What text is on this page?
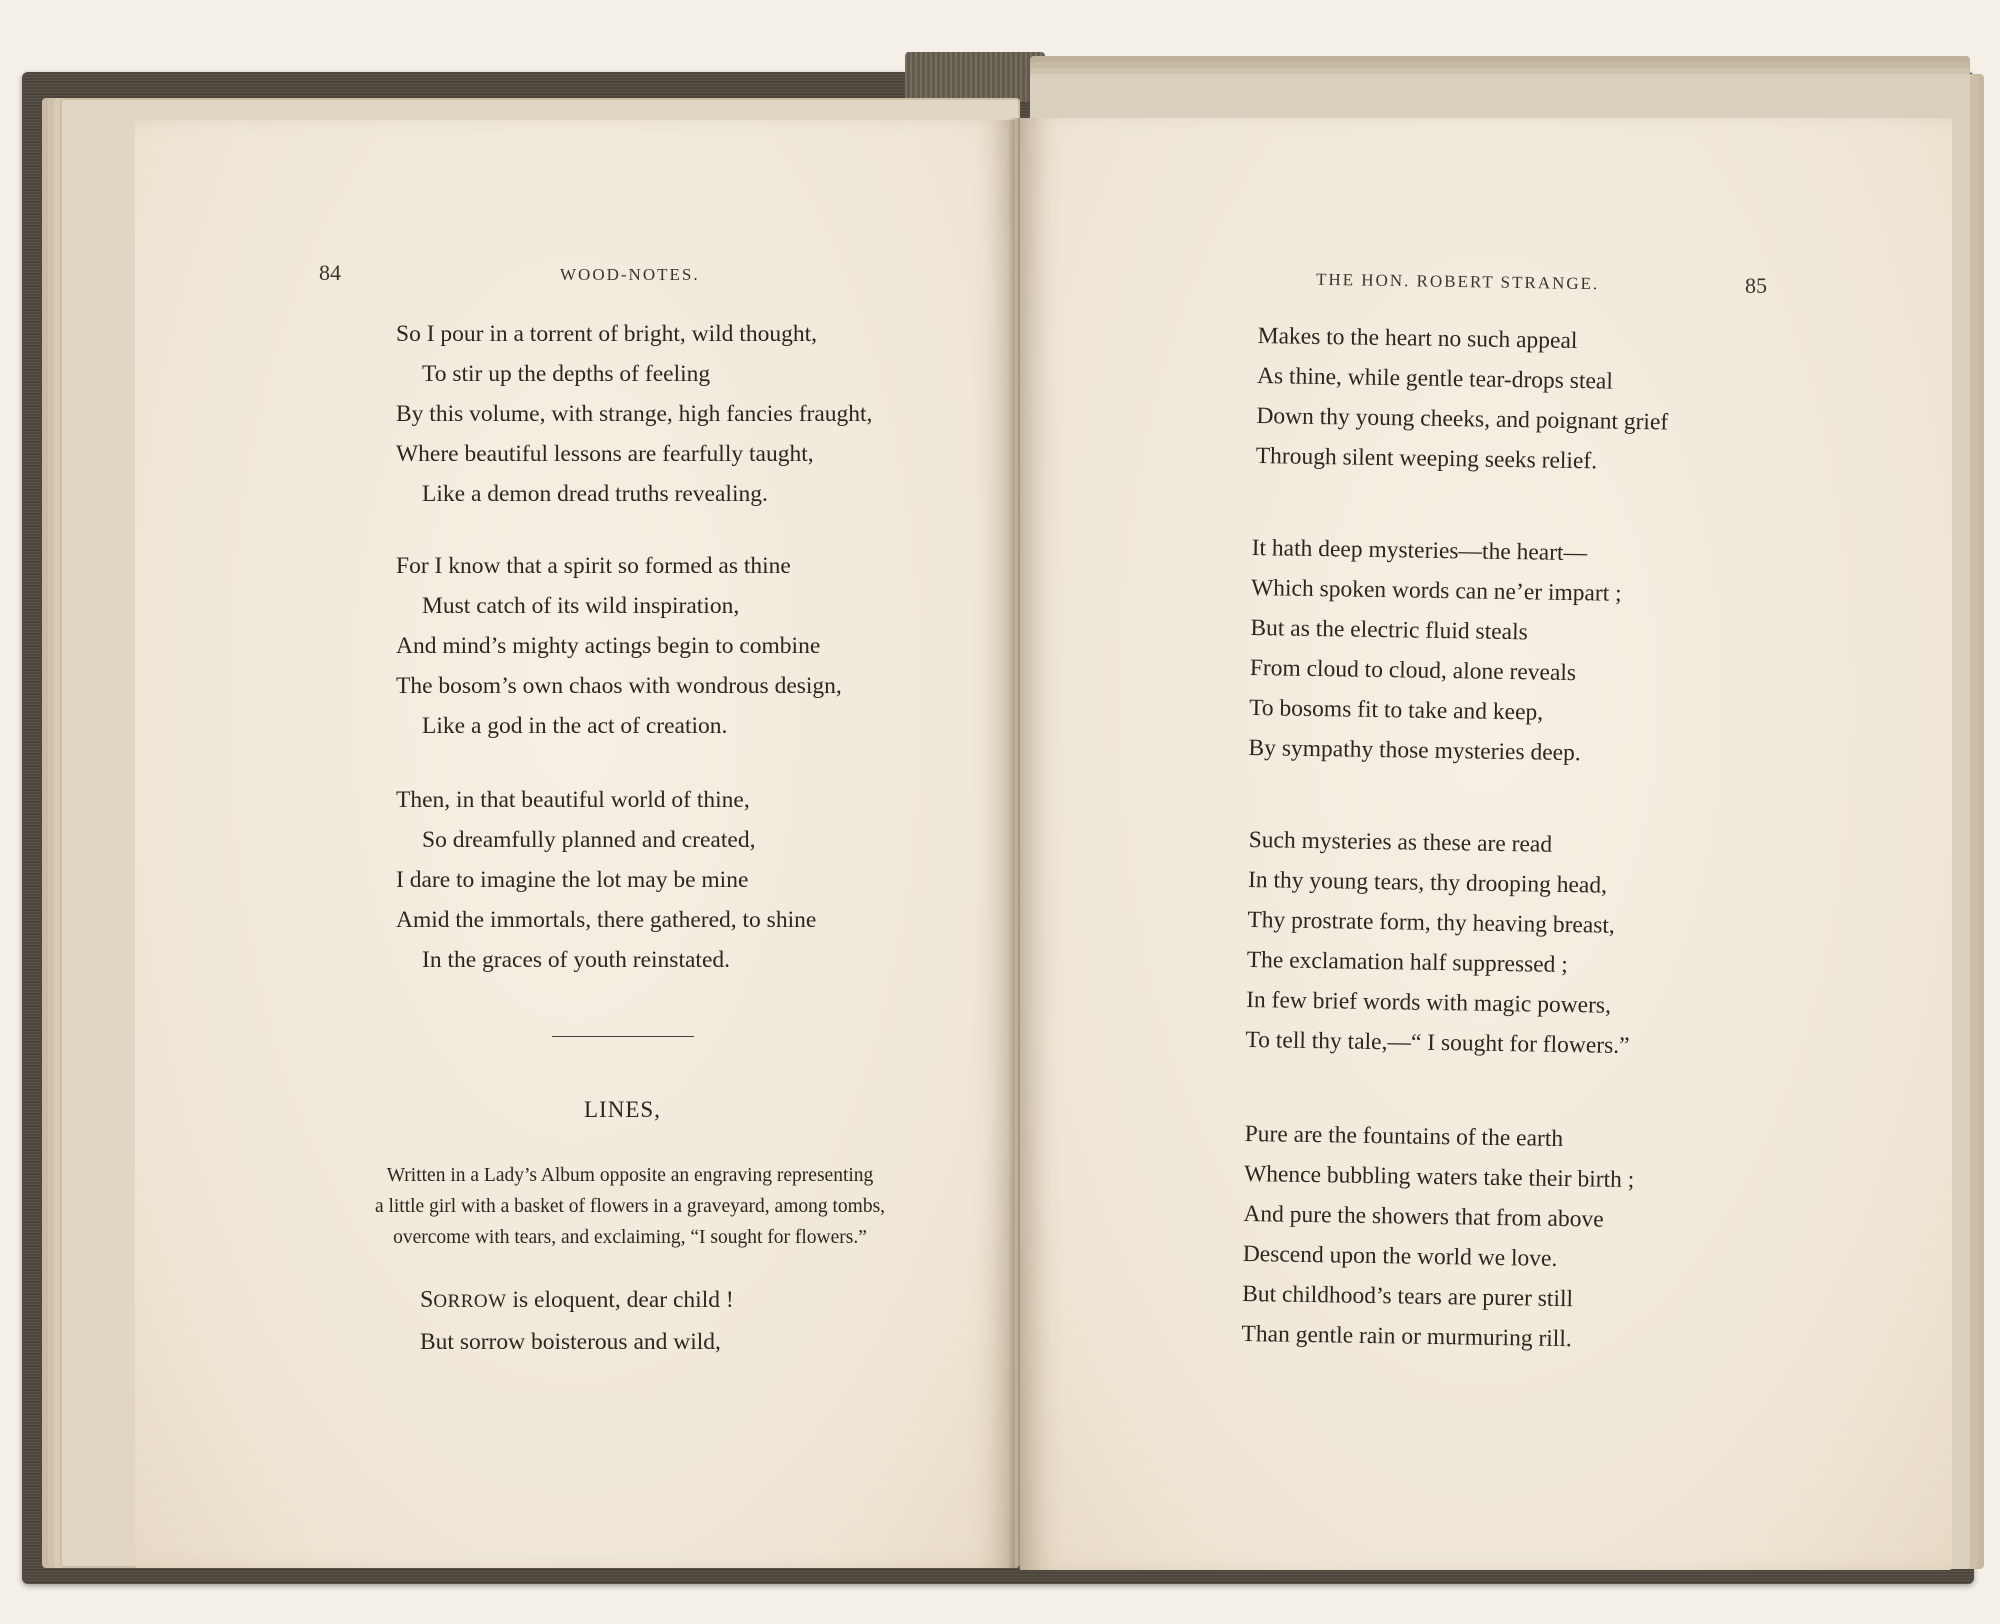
84	WOOD-NOTES.
So I pour in a torrent of bright, wild thought,
To stir up the depths of feeling
By this volume, with strange, high fancies fraught,
Where beautiful lessons are fearfully taught,
Like a demon dread truths revealing.
For I know that a spirit so formed as thine
Must catch of its wild inspiration,
And mind’s mighty actings begin to combine
The bosom’s own chaos with wondrous design,
Like a god in the act of creation.
Then, in that beautiful world of thine,
So dreamfully planned and created,
I dare to imagine the lot may be mine
Amid the immortals, there gathered, to shine
In the graces of youth reinstated.
LINES,
Written in a Lady’s Album opposite an engraving representing
a little girl with a basket of flowers in a graveyard, among tombs,
overcome with tears, and exclaiming, “I sought for flowers.”
SORROW is eloquent, dear child !
But sorrow boisterous and wild,
THE HON. ROBERT STRANGE.	85
Makes to the heart no such appeal
As thine, while gentle tear-drops steal
Down thy young cheeks, and poignant grief
Through silent weeping seeks relief.
It hath deep mysteries—the heart—
Which spoken words can ne’er impart ;
But as the electric fluid steals
From cloud to cloud, alone reveals
To bosoms fit to take and keep,
By sympathy those mysteries deep.
Such mysteries as these are read
In thy young tears, thy drooping head,
Thy prostrate form, thy heaving breast,
The exclamation half suppressed ;
In few brief words with magic powers,
To tell thy tale,—“ I sought for flowers.”
Pure are the fountains of the earth
Whence bubbling waters take their birth ;
And pure the showers that from above
Descend upon the world we love.
But childhood’s tears are purer still
Than gentle rain or murmuring rill.
